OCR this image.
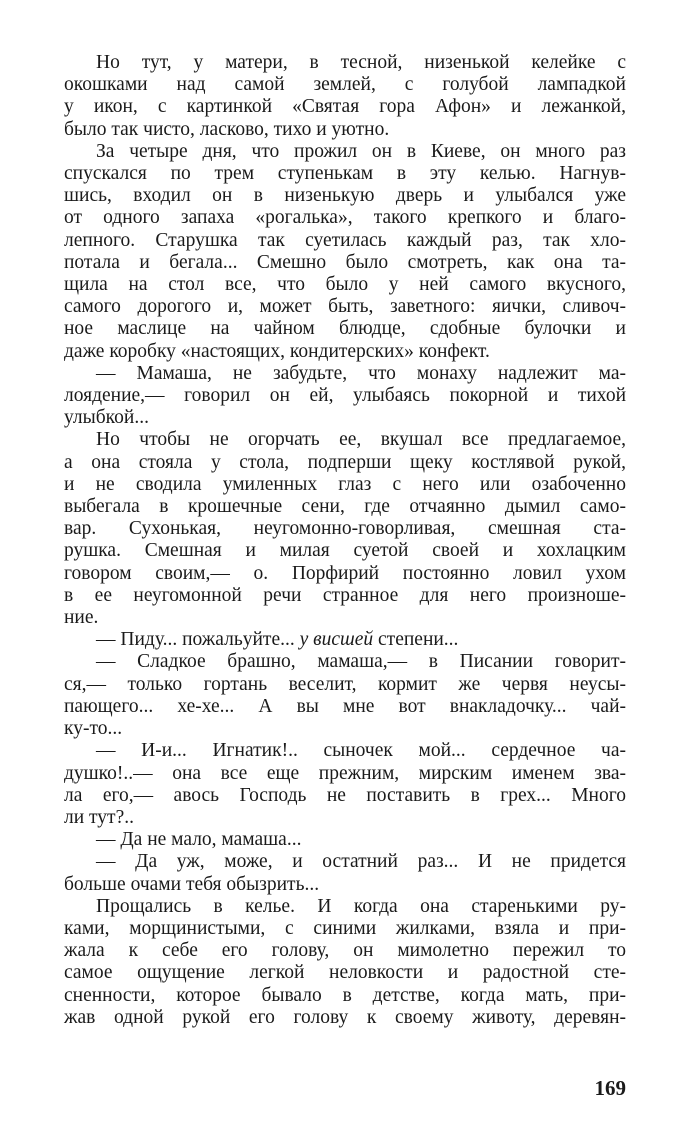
Но тут, у матери, в тесной, низенькой келейке с
окошками над самой землей, с голубой лампадкой
у икон, с картинкой «Святая гора Афон» и лежанкой,
было так чисто, ласково, тихо и уютно.
За четыре дня, что прожил он в Киеве, он много раз
спускался по трем ступенькам в эту келью. Нагнув-
шись, входил он в низенькую дверь и улыбался уже
от одного запаха «рогалька», такого крепкого и благо-
лепного. Старушка так суетилась каждый раз, так хло-
потала и бегала... Смешно было смотреть, как она та-
щила на стол все, что было у ней самого вкусного,
самого дорогого и, может быть, заветного: яички, сливоч-
ное маслице на чайном блюдце, сдобные булочки и
даже коробку «настоящих, кондитерских» конфект.
— Мамаша, не забудьте, что монаху надлежит ма-
лоядение,— говорил он ей, улыбаясь покорной и тихой
улыбкой...
Но чтобы не огорчать ее, вкушал все предлагаемое,
а она стояла у стола, подперши щеку костлявой рукой,
и не сводила умиленных глаз с него или озабоченно
выбегала в крошечные сени, где отчаянно дымил само-
вар. Сухонькая, неугомонно-говорливая, смешная ста-
рушка. Смешная и милая суетой своей и хохлацким
говором своим,— о. Порфирий постоянно ловил ухом
в ее неугомонной речи странное для него произноше-
ние.
— Пиду... пожальуйте... у висшей степени...
— Сладкое брашно, мамаша,— в Писании говорит-
ся,— только гортань веселит, кормит же червя неусы-
пающего... хе-хе... А вы мне вот внакладочку... чай-
ку-то...
— И-и... Игнатик!.. сыночек мой... сердечное ча-
душко!..— она все еще прежним, мирским именем зва-
ла его,— авось Господь не поставить в грех... Много
ли тут?..
— Да не мало, мамаша...
— Да уж, може, и остатний раз... И не придется
больше очами тебя обызрить...
Прощались в келье. И когда она старенькими ру-
ками, морщинистыми, с синими жилками, взяла и при-
жала к себе его голову, он мимолетно пережил то
самое ощущение легкой неловкости и радостной сте-
сненности, которое бывало в детстве, когда мать, при-
жав одной рукой его голову к своему животу, деревян-
169
